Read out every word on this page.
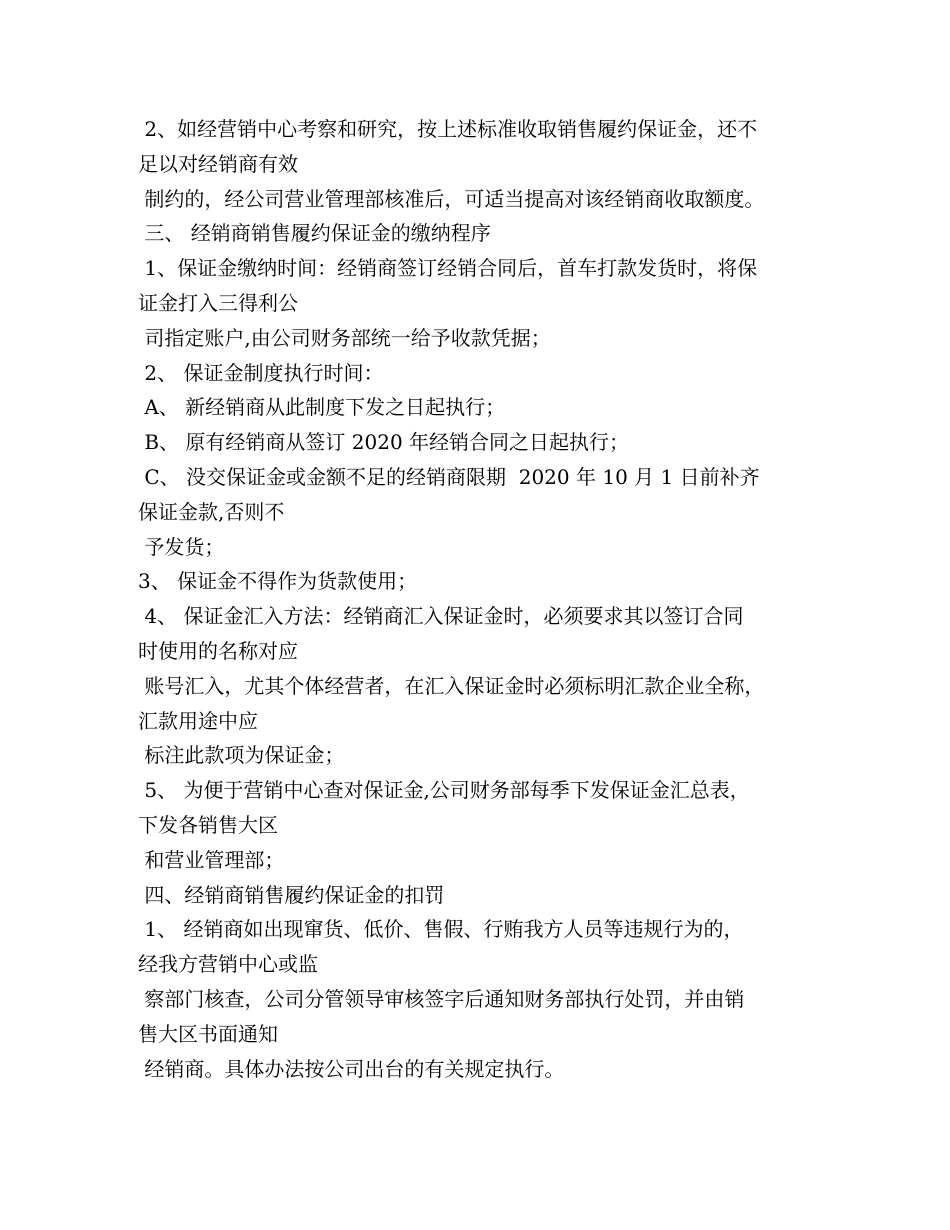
2、如经营销中心考察和研究，按上述标准收取销售履约保证金，还不
足以对经销商有效
制约的，经公司营业管理部核准后，可适当提高对该经销商收取额度。
三、 经销商销售履约保证金的缴纳程序
1、保证金缴纳时间：经销商签订经销合同后，首车打款发货时，将保
证金打入三得利公
司指定账户,由公司财务部统一给予收款凭据；
2、 保证金制度执行时间：
A、 新经销商从此制度下发之日起执行；
B、 原有经销商从签订 2020 年经销合同之日起执行；
C、 没交保证金或金额不足的经销商限期  2020 年 10 月 1 日前补齐
保证金款,否则不
予发货；
3、 保证金不得作为货款使用；
4、 保证金汇入方法：经销商汇入保证金时，必须要求其以签订合同
时使用的名称对应
账号汇入，尤其个体经营者，在汇入保证金时必须标明汇款企业全称，
汇款用途中应
标注此款项为保证金；
5、 为便于营销中心查对保证金,公司财务部每季下发保证金汇总表，
下发各销售大区
和营业管理部；
四、经销商销售履约保证金的扣罚
1、 经销商如出现窜货、低价、售假、行贿我方人员等违规行为的，
经我方营销中心或监
察部门核查，公司分管领导审核签字后通知财务部执行处罚，并由销
售大区书面通知
经销商。具体办法按公司出台的有关规定执行。
